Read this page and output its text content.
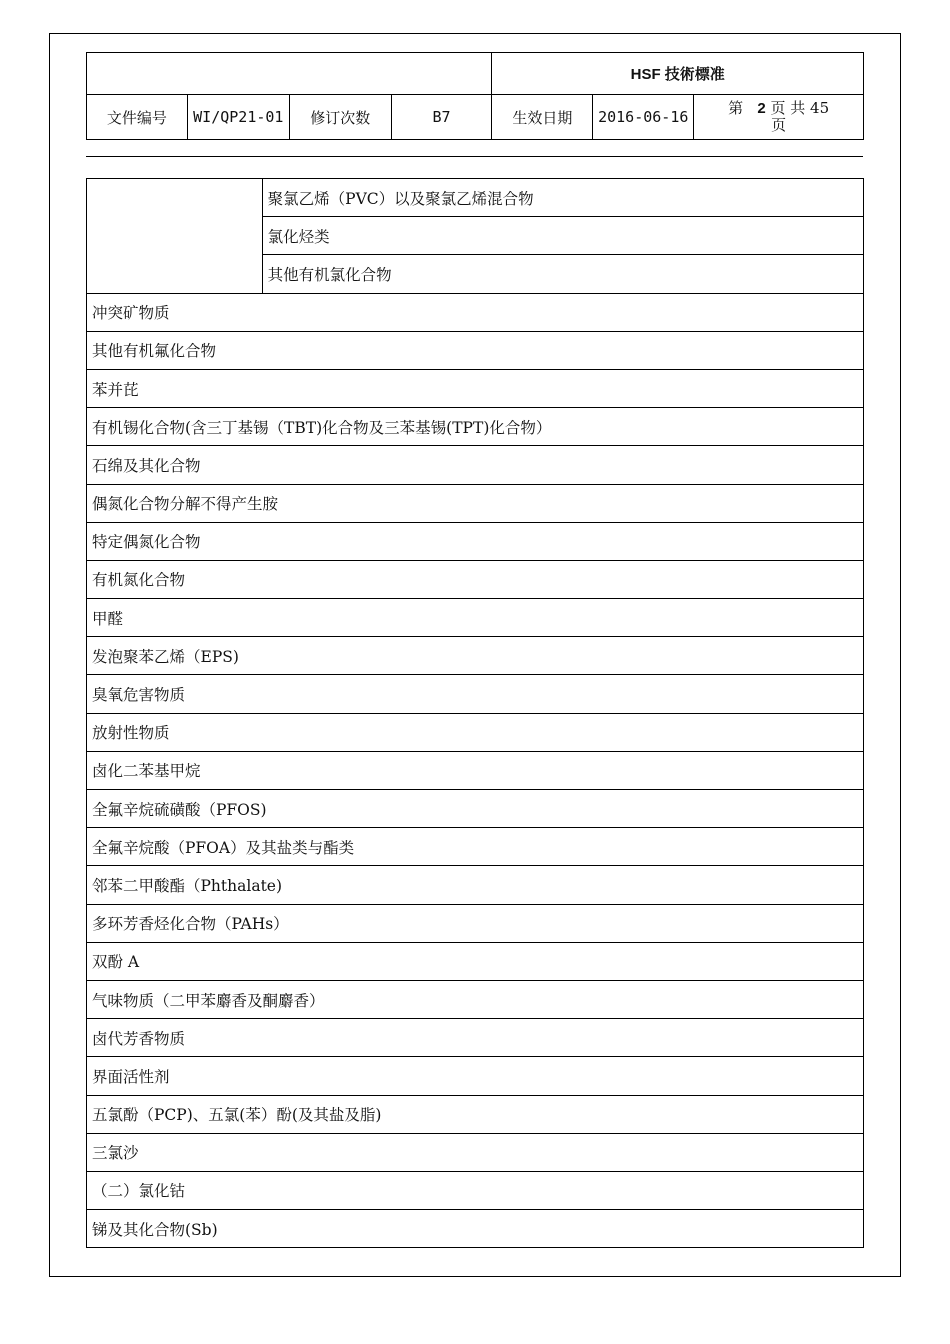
				HSF 技術標准		
文件编号	WI/QP21-01	修订次数	B7	生效日期	2016-06-16	第 2 页 共 45
页
	聚氯乙烯（PVC）以及聚氯乙烯混合物
氯化烃类
其他有机氯化合物
冲突矿物质
其他有机氟化合物
苯并芘
有机锡化合物(含三丁基锡（TBT)化合物及三苯基锡(TPT)化合物）
石绵及其化合物
偶氮化合物分解不得产生胺
特定偶氮化合物
有机氮化合物
甲醛
发泡聚苯乙烯（EPS)
臭氧危害物质
放射性物质
卤化二苯基甲烷
全氟辛烷硫磺酸（PFOS)
全氟辛烷酸（PFOA）及其盐类与酯类
邻苯二甲酸酯（Phthalate)
多环芳香烃化合物（PAHs）
双酚 A
气味物质（二甲苯麝香及酮麝香）
卤代芳香物质
界面活性剂
五氯酚（PCP)、五氯(苯）酚(及其盐及脂)
三氯沙
（二）氯化钴
锑及其化合物(Sb)
